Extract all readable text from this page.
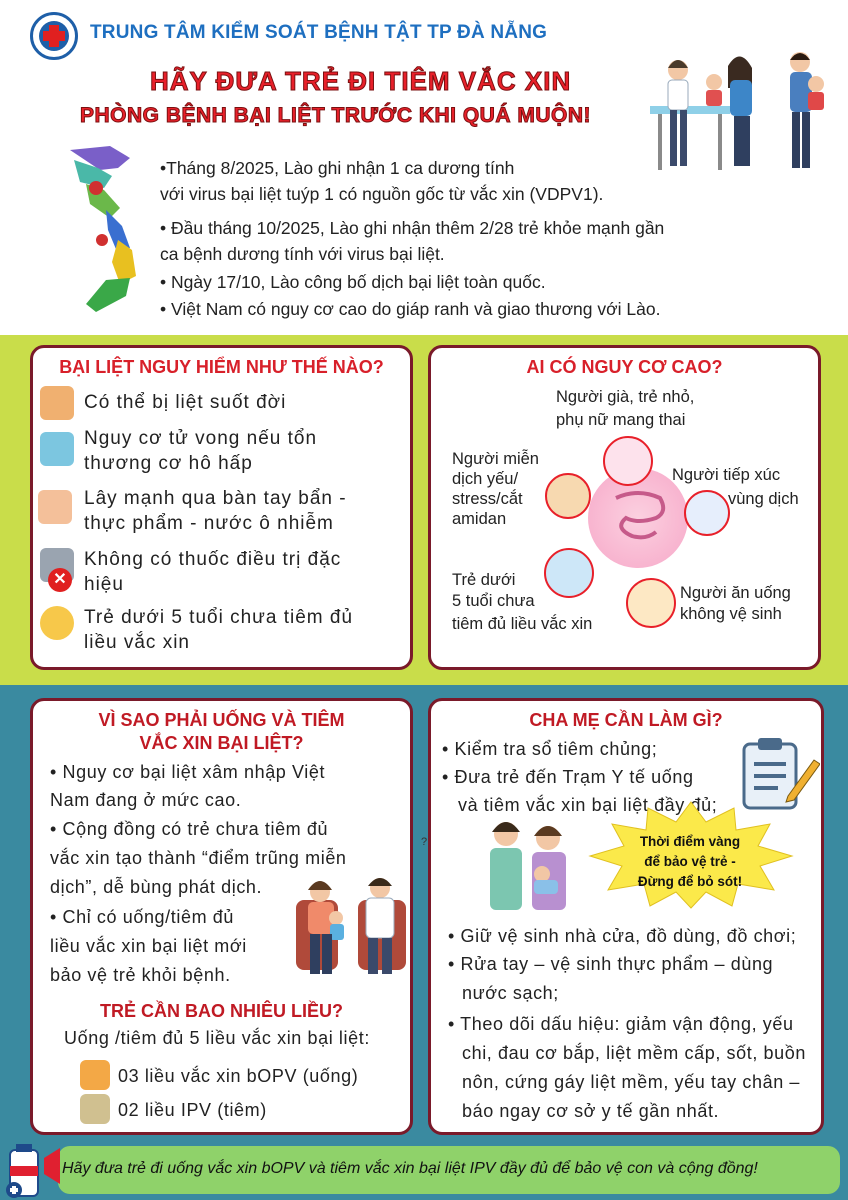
TRUNG TÂM KIỂM SOÁT BỆNH TẬT TP ĐÀ NẴNG
HÃY ĐƯA TRẺ ĐI TIÊM VẮC XIN
PHÒNG BỆNH BẠI LIỆT TRƯỚC KHI QUÁ MUỘN!
•Tháng 8/2025, Lào ghi nhận 1 ca dương tính
với virus bại liệt tuýp 1 có nguồn gốc từ vắc xin (VDPV1).
• Đầu tháng 10/2025, Lào ghi nhận thêm 2/28 trẻ khỏe mạnh gần
ca bệnh dương tính với virus bại liệt.
• Ngày 17/10, Lào công bố dịch bại liệt toàn quốc.
• Việt Nam có nguy cơ cao do giáp ranh và giao thương với Lào.
BẠI LIỆT NGUY HIỂM NHƯ THẾ NÀO?
Có thể bị liệt suốt đời
Nguy cơ tử vong nếu tổn
thương cơ hô hấp
Lây mạnh qua bàn tay bẩn -
thực phẩm - nước ô nhiễm
✕
Không có thuốc điều trị đặc
hiệu
Trẻ dưới 5 tuổi chưa tiêm đủ
liều vắc xin
AI CÓ NGUY CƠ CAO?
Người già, trẻ nhỏ,
phụ nữ mang thai
Người miễn
dịch yếu/
stress/cắt
amidan
Người tiếp xúc
vùng dịch
Trẻ dưới
5 tuổi chưa
tiêm đủ liều vắc xin
Người ăn uống
không vệ sinh
VÌ SAO PHẢI UỐNG VÀ TIÊM
VẮC XIN BẠI LIỆT?
• Nguy cơ bại liệt xâm nhập Việt
Nam đang ở mức cao.
• Cộng đồng có trẻ chưa tiêm đủ
vắc xin tạo thành “điểm trũng miễn
dịch”, dễ bùng phát dịch.
• Chỉ có uống/tiêm đủ
liều vắc xin bại liệt mới
bảo vệ trẻ khỏi bệnh.
TRẺ CẦN BAO NHIÊU LIỀU?
Uống /tiêm đủ 5 liều vắc xin bại liệt:
03 liều vắc xin bOPV (uống)
02 liều IPV (tiêm)
CHA MẸ CẦN LÀM GÌ?
• Kiểm tra sổ tiêm chủng;
• Đưa trẻ đến Trạm Y tế uống
và tiêm vắc xin bại liệt đầy đủ;
Thời điểm vàng
để bảo vệ trẻ -
Đừng để bỏ sót!
• Giữ vệ sinh nhà cửa, đồ dùng, đồ chơi;
• Rửa tay – vệ sinh thực phẩm – dùng
nước sạch;
• Theo dõi dấu hiệu: giảm vận động, yếu
chi, đau cơ bắp, liệt mềm cấp, sốt, buồn
nôn, cứng gáy liệt mềm, yếu tay chân –
báo ngay cơ sở y tế gần nhất.
?
Hãy đưa trẻ đi uống vắc xin bOPV và tiêm vắc xin bại liệt IPV đầy đủ để bảo vệ con và cộng đồng!
